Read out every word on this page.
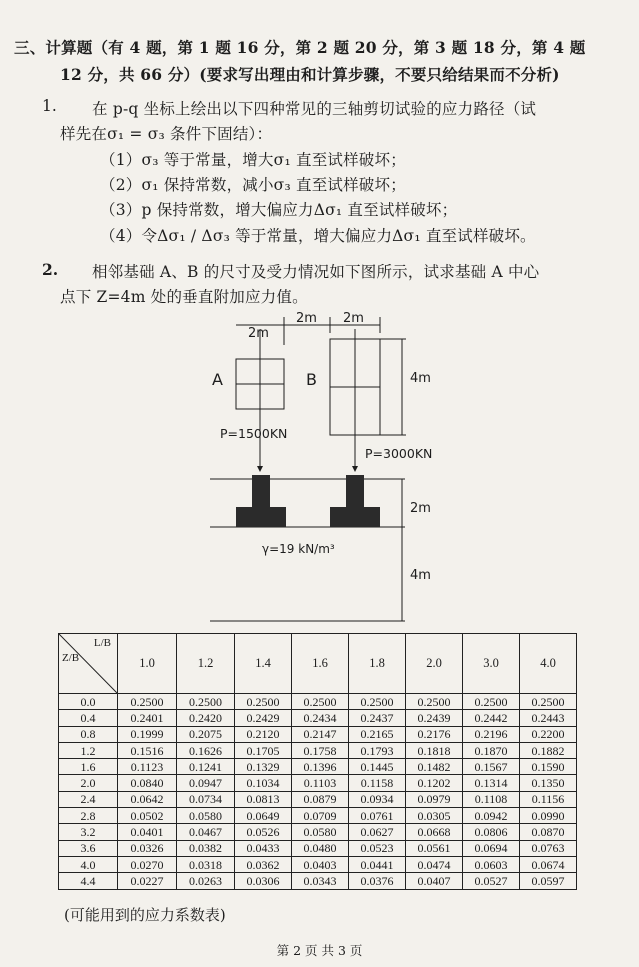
三、计算题（有 4 题，第 1 题 16 分，第 2 题 20 分，第 3 题 18 分，第 4 题
12 分，共 66 分）(要求写出理由和计算步骤，不要只给结果而不分析)
1. 在 p-q 坐标上绘出以下四种常见的三轴剪切试验的应力路径（试
样先在σ₁ = σ₃ 条件下固结）：
（1）σ₃ 等于常量，增大σ₁ 直至试样破坏；
（2）σ₁ 保持常数，减小σ₃ 直至试样破坏；
（3）p 保持常数，增大偏应力Δσ₁ 直至试样破坏；
（4）令Δσ₁ / Δσ₃ 等于常量，增大偏应力Δσ₁ 直至试样破坏。
2. 相邻基础 A、B 的尺寸及受力情况如下图所示，试求基础 A 中心
点下 Z=4m 处的垂直附加应力值。
2m
2m 2m
A	B	4m
P=1500KN
P=3000KN
2m
γ=19 kN/m³
4m
L/B
Z/B	1.0	1.2	1.4	1.6	1.8	2.0	3.0	4.0
0.0	0.2500	0.2500	0.2500	0.2500	0.2500	0.2500	0.2500	0.2500
0.4	0.2401	0.2420	0.2429	0.2434	0.2437	0.2439	0.2442	0.2443
0.8	0.1999	0.2075	0.2120	0.2147	0.2165	0.2176	0.2196	0.2200
1.2	0.1516	0.1626	0.1705	0.1758	0.1793	0.1818	0.1870	0.1882
1.6	0.1123	0.1241	0.1329	0.1396	0.1445	0.1482	0.1567	0.1590
2.0	0.0840	0.0947	0.1034	0.1103	0.1158	0.1202	0.1314	0.1350
2.4	0.0642	0.0734	0.0813	0.0879	0.0934	0.0979	0.1108	0.1156
2.8	0.0502	0.0580	0.0649	0.0709	0.0761	0.0305	0.0942	0.0990
3.2	0.0401	0.0467	0.0526	0.0580	0.0627	0.0668	0.0806	0.0870
3.6	0.0326	0.0382	0.0433	0.0480	0.0523	0.0561	0.0694	0.0763
4.0	0.0270	0.0318	0.0362	0.0403	0.0441	0.0474	0.0603	0.0674
4.4	0.0227	0.0263	0.0306	0.0343	0.0376	0.0407	0.0527	0.0597
(可能用到的应力系数表)
第 2 页 共 3 页
